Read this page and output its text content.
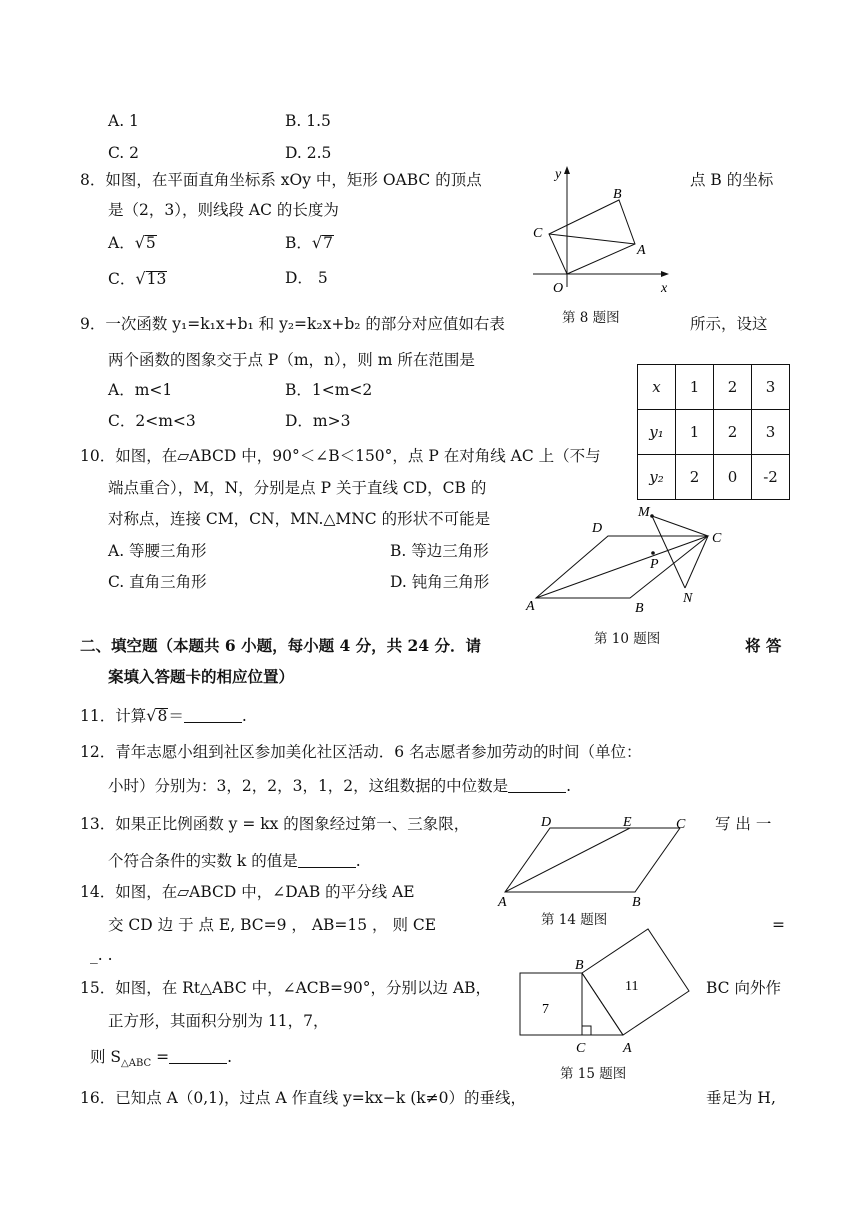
A. 1	B. 1.5
C. 2	D. 2.5
8．如图，在平面直角坐标系 xOy 中，矩形 OABC 的顶点	点 B 的坐标
是（2，3），则线段 AC 的长度为
A．√5	B．√7
C．√13	D． 5
y
B
C
A
O	x
第 8 题图
9．一次函数 y₁=k₁x+b₁ 和 y₂=k₂x+b₂ 的部分对应值如右表	所示，设这
两个函数的图象交于点 P（m，n），则 m 所在范围是
A．m<1	B．1<m<2
C．2<m<3	D．m>3
x	1	2	3
y₁	1	2	3
y₂	2	0	-2
10．如图，在▱ABCD 中，90°＜∠B＜150°，点 P 在对角线 AC 上（不与
端点重合），M，N，分别是点 P 关于直线 CD，CB 的
对称点，连接 CM，CN，MN.△MNC 的形状不可能是
A. 等腰三角形	B. 等边三角形
C. 直角三角形	D. 钝角三角形
M
D
C
P
A	B
N
第 10 题图
二、填空题（本题共 6 小题，每小题 4 分，共 24 分．请	将 答
案填入答题卡的相应位置）
11．计算√8＝	.
12．青年志愿小组到社区参加美化社区活动．6 名志愿者参加劳动的时间（单位：
小时）分别为：3，2，2，3，1，2，这组数据的中位数是	.
13．如果正比例函数 y = kx 的图象经过第一、三象限，	写 出 一
个符合条件的实数 k 的值是	.
D	E	C
A	B
第 14 题图
14．如图，在▱ABCD 中，∠DAB 的平分线 AE
交 CD 边 于 点 E, BC=9 ， AB=15 ， 则 CE	=
_. .
B
11
7
C	A
第 15 题图
15．如图，在 Rt△ABC 中，∠ACB=90°，分别以边 AB，	BC 向外作
正方形，其面积分别为 11，7，
则 $S_{\triangle ABC}$ =	.
16．已知点 A（0,1)，过点 A 作直线 y=kx−k (k≠0）的垂线，	垂足为 H,
